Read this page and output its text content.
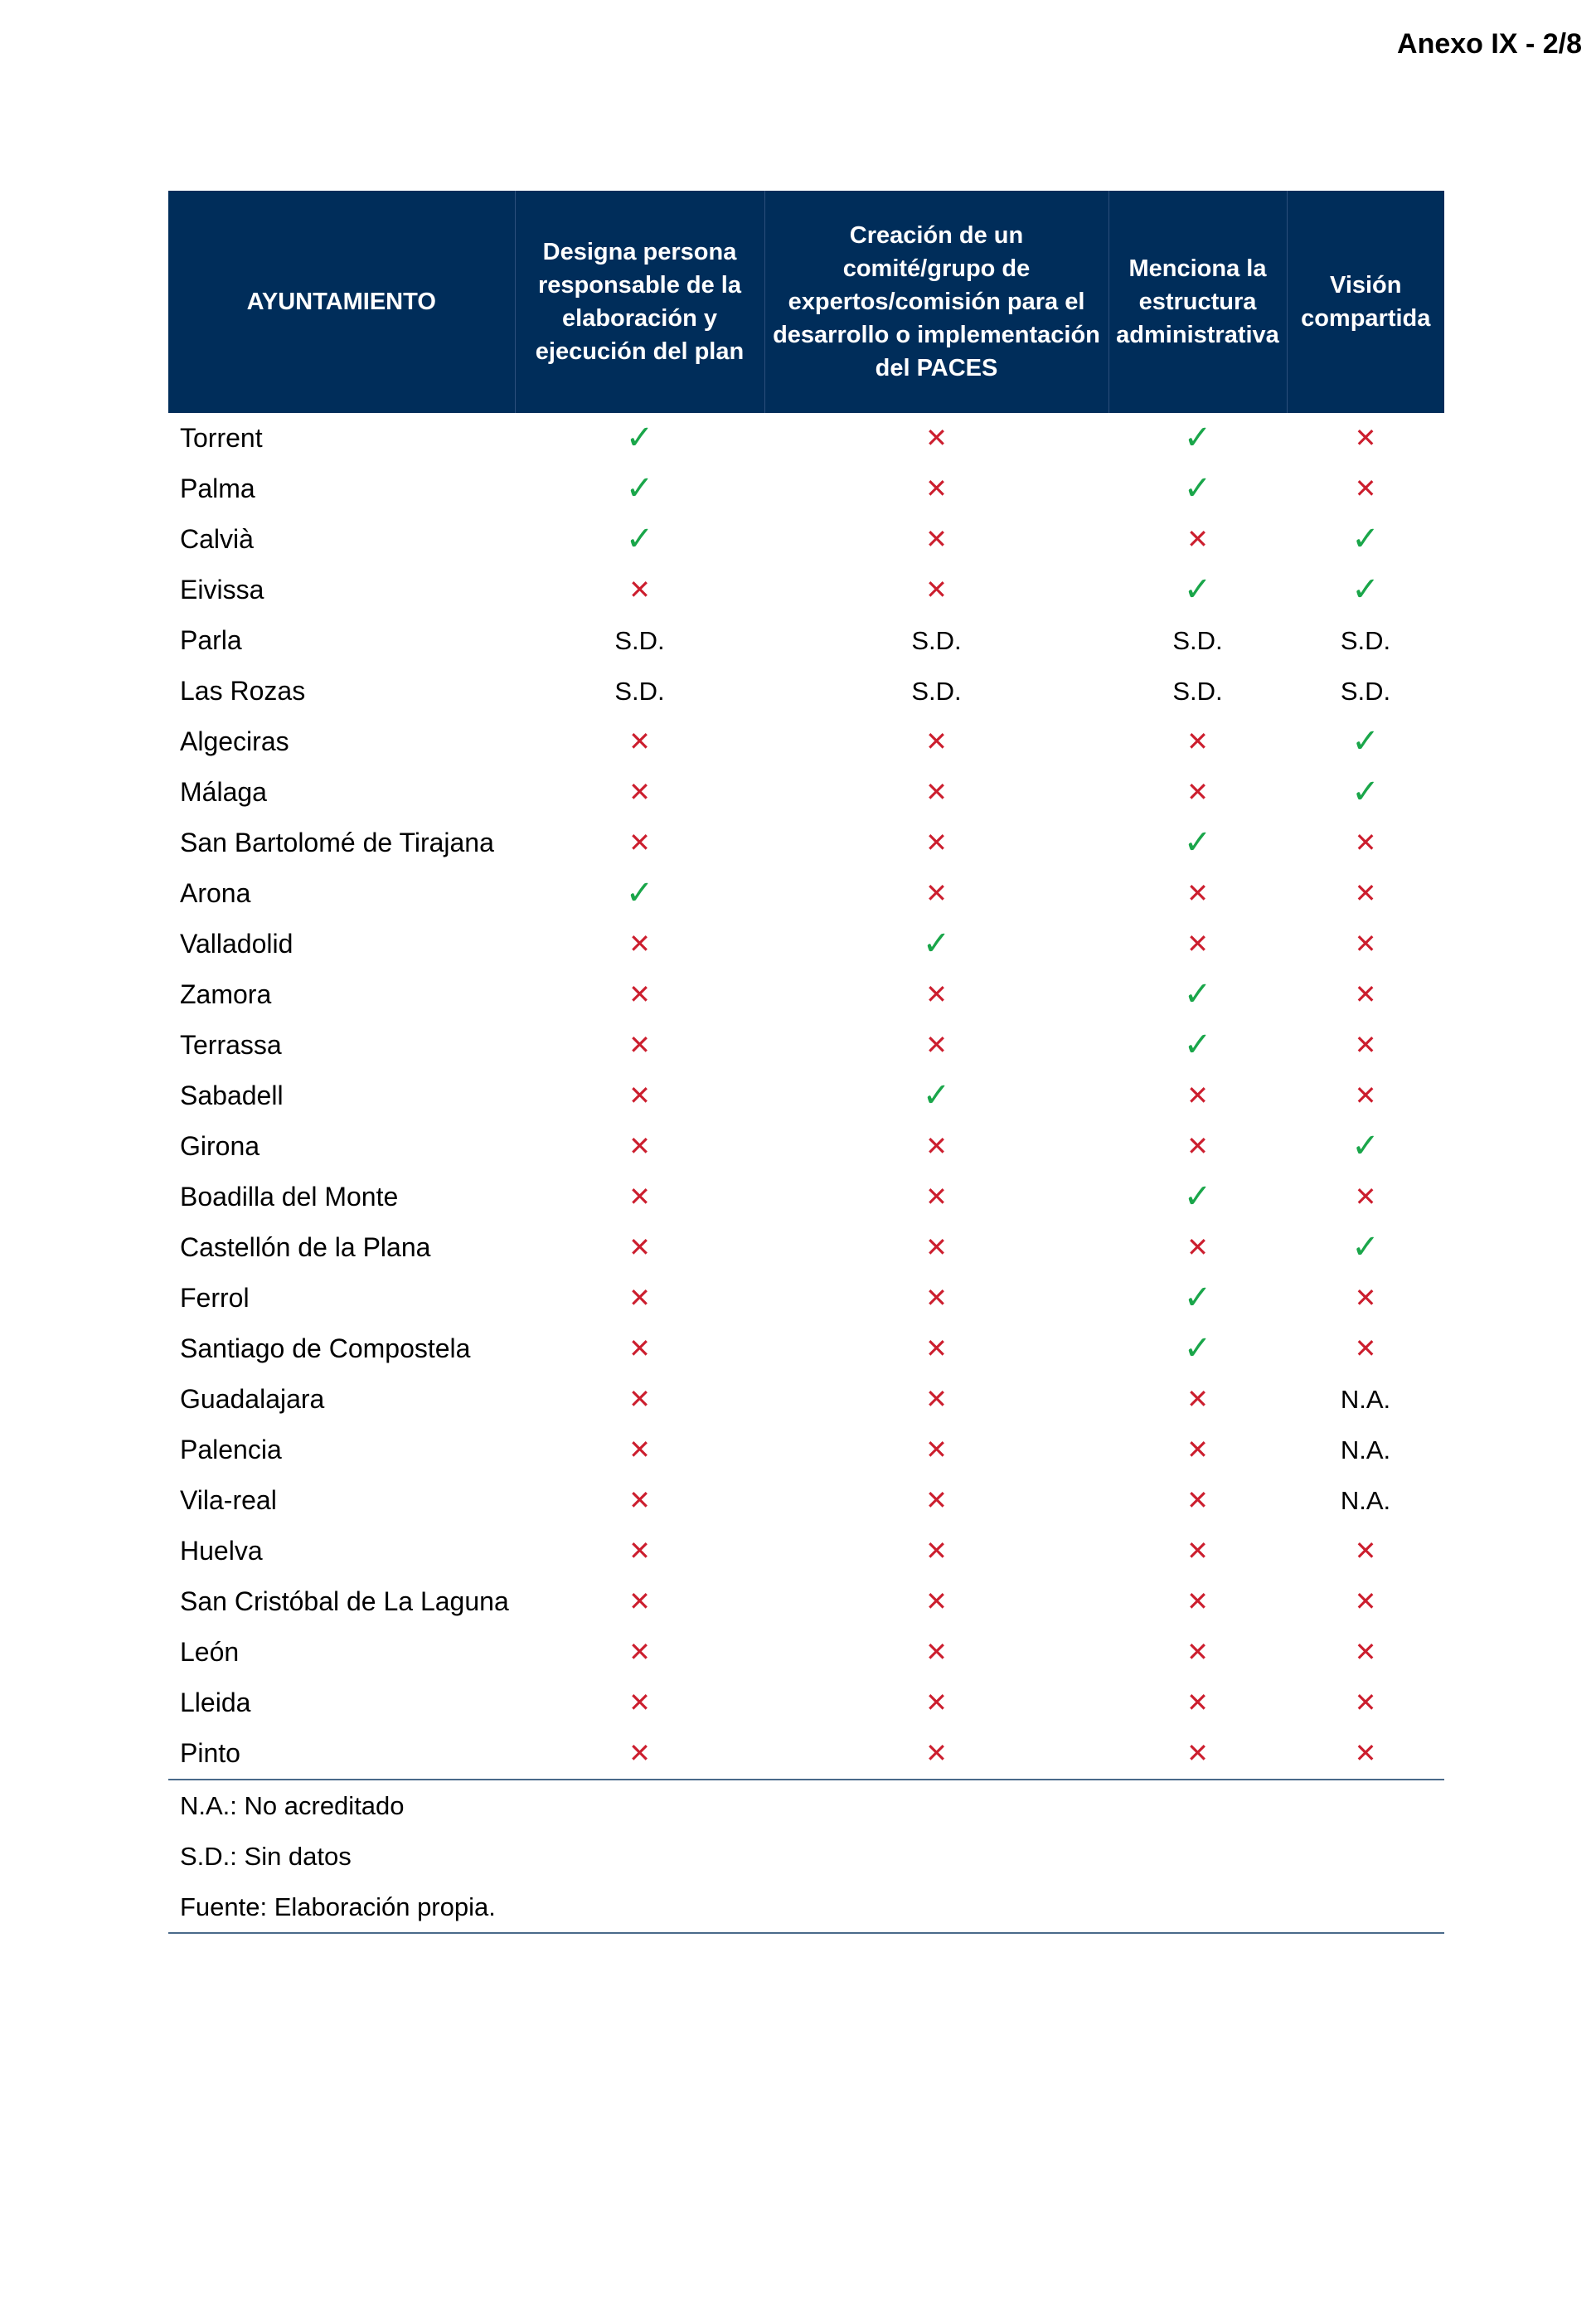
Anexo IX - 2/8
AYUNTAMIENTO	Designa persona responsable de la elaboración y ejecución del plan	Creación de un comité/grupo de expertos/comisión para el desarrollo o implementación del PACES	Menciona la estructura administrativa	Visión compartida
Torrent	✓	✕	✓	✕
Palma	✓	✕	✓	✕
Calvià	✓	✕	✕	✓
Eivissa	✕	✕	✓	✓
Parla	S.D.	S.D.	S.D.	S.D.
Las Rozas	S.D.	S.D.	S.D.	S.D.
Algeciras	✕	✕	✕	✓
Málaga	✕	✕	✕	✓
San Bartolomé de Tirajana	✕	✕	✓	✕
Arona	✓	✕	✕	✕
Valladolid	✕	✓	✕	✕
Zamora	✕	✕	✓	✕
Terrassa	✕	✕	✓	✕
Sabadell	✕	✓	✕	✕
Girona	✕	✕	✕	✓
Boadilla del Monte	✕	✕	✓	✕
Castellón de la Plana	✕	✕	✕	✓
Ferrol	✕	✕	✓	✕
Santiago de Compostela	✕	✕	✓	✕
Guadalajara	✕	✕	✕	N.A.
Palencia	✕	✕	✕	N.A.
Vila-real	✕	✕	✕	N.A.
Huelva	✕	✕	✕	✕
San Cristóbal de La Laguna	✕	✕	✕	✕
León	✕	✕	✕	✕
Lleida	✕	✕	✕	✕
Pinto	✕	✕	✕	✕
N.A.: No acreditado
S.D.: Sin datos
Fuente: Elaboración propia.
